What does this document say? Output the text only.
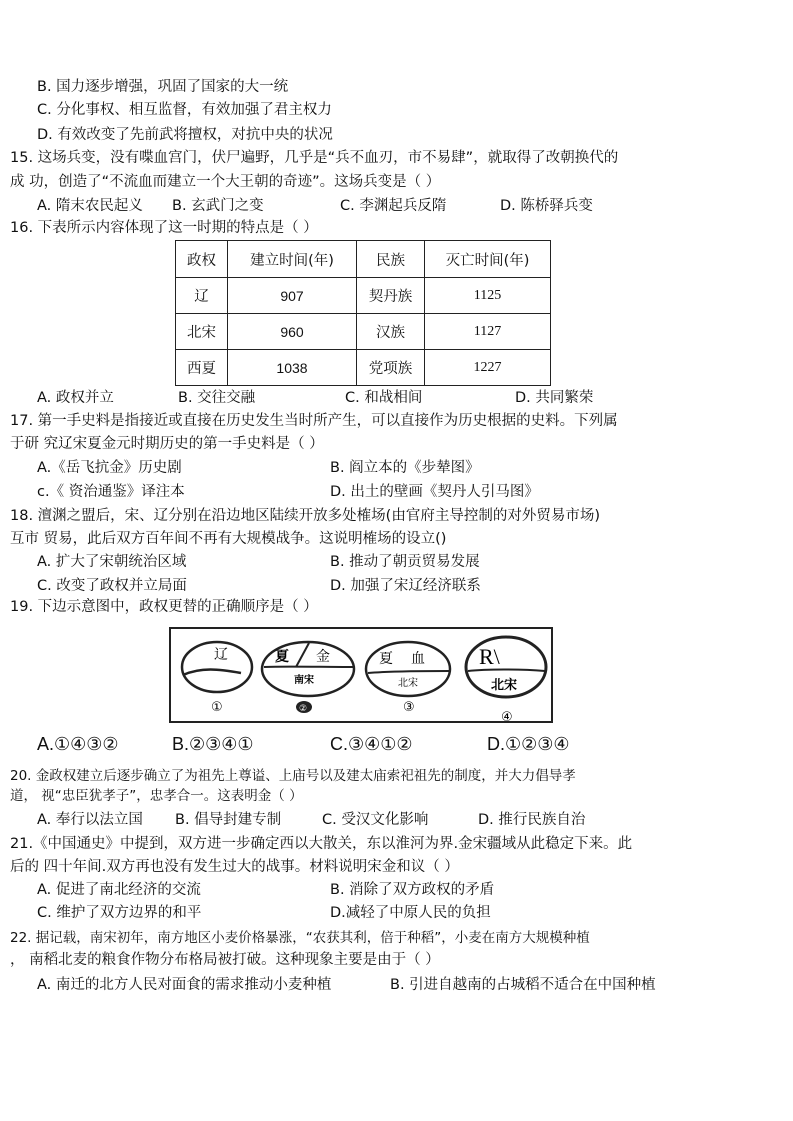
B. 国力逐步增强，巩固了国家的大一统
C. 分化事权、相互监督，有效加强了君主权力
D. 有效改变了先前武将擅权，对抗中央的状况
15. 这场兵变，没有喋血宫门，伏尸遍野，几乎是“兵不血刃，市不易肆”，就取得了改朝换代的
成 功，创造了“不流血而建立一个大王朝的奇迹”。这场兵变是（ ）
A. 隋末农民起义 B. 玄武门之变	C. 李渊起兵反隋	D. 陈桥驿兵变
16. 下表所示内容体现了这一时期的特点是（ ）
政权	建立时间(年)	民族	灭亡时间(年)
辽	907	契丹族	1125
北宋	960	汉族	1127
西夏	1038	党项族	1227
A. 政权并立	B. 交往交融	C. 和战相间	D. 共同繁荣
17. 第一手史料是指接近或直接在历史发生当时所产生，可以直接作为历史根据的史料。下列属
于研 究辽宋夏金元时期历史的第一手史料是（ ）
A.《岳飞抗金》历史剧	B. 阎立本的《步辇图》
c.《 资治通鉴》译注本	D. 出土的壁画《契丹人引马图》
18. 澶渊之盟后，宋、辽分别在沿边地区陆续开放多处榷场(由官府主导控制的对外贸易市场)
互市 贸易，此后双方百年间不再有大规模战争。这说明榷场的设立()
A. 扩大了宋朝统治区域	B. 推动了朝贡贸易发展
C. 改变了政权并立局面	D. 加强了宋辽经济联系
19. 下边示意图中，政权更替的正确顺序是（ ）
辽
①
夏 金
南宋
②
夏 血
北宋
③
R\
北宋
④
A.①④③②	B.②③④①	C.③④①②	D.①②③④
20. 金政权建立后逐步确立了为祖先上尊谥、上庙号以及建太庙索祀祖先的制度，并大力倡导孝
道， 视“忠臣犹孝子”，忠孝合一。这表明金（ ）
A. 奉行以法立国 B. 倡导封建专制	C. 受汉文化影响	D. 推行民族自治
21.《中国通史》中提到，双方进一步确定西以大散关，东以淮河为界.金宋疆域从此稳定下来。此
后的 四十年间.双方再也没有发生过大的战事。材料说明宋金和议（ ）
A. 促进了南北经济的交流	B. 消除了双方政权的矛盾
C. 维护了双方边界的和平	D.减轻了中原人民的负担
22. 据记载，南宋初年，南方地区小麦价格暴涨，“农获其利，倍于种稻”，小麦在南方大规模种植
， 南稻北麦的粮食作物分布格局被打破。这种现象主要是由于（ ）
A. 南迁的北方人民对面食的需求推动小麦种植	B. 引进自越南的占城稻不适合在中国种植
